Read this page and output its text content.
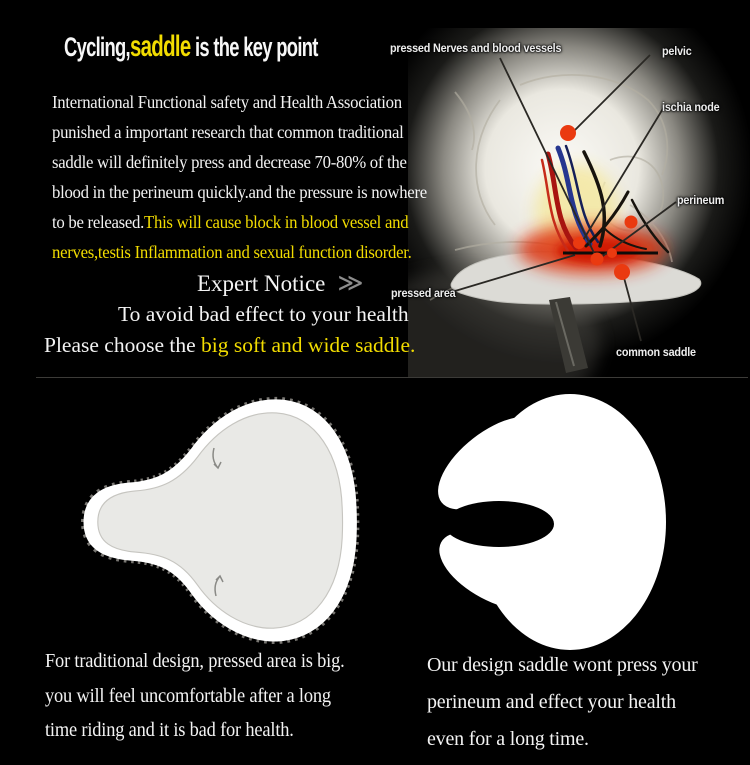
Cycling,saddle is the key point
International Functional safety and Health Association
punished a important research that common traditional
saddle will definitely press and decrease 70-80% of the
blood in the perineum quickly.and the pressure is nowhere
to be released.This will cause block in blood vessel and
nerves,testis Inflammation and sexual function disorder.
Expert Notice ≫
To avoid bad effect to your health
Please choose the big soft and wide saddle.
pressed Nerves and blood vessels	pelvic
ischia node
perineum
pressed area
common saddle
For traditional design, pressed area is big.
you will feel uncomfortable after a long
time riding and it is bad for health.
Our design saddle wont press your
perineum and effect your health
even for a long time.
